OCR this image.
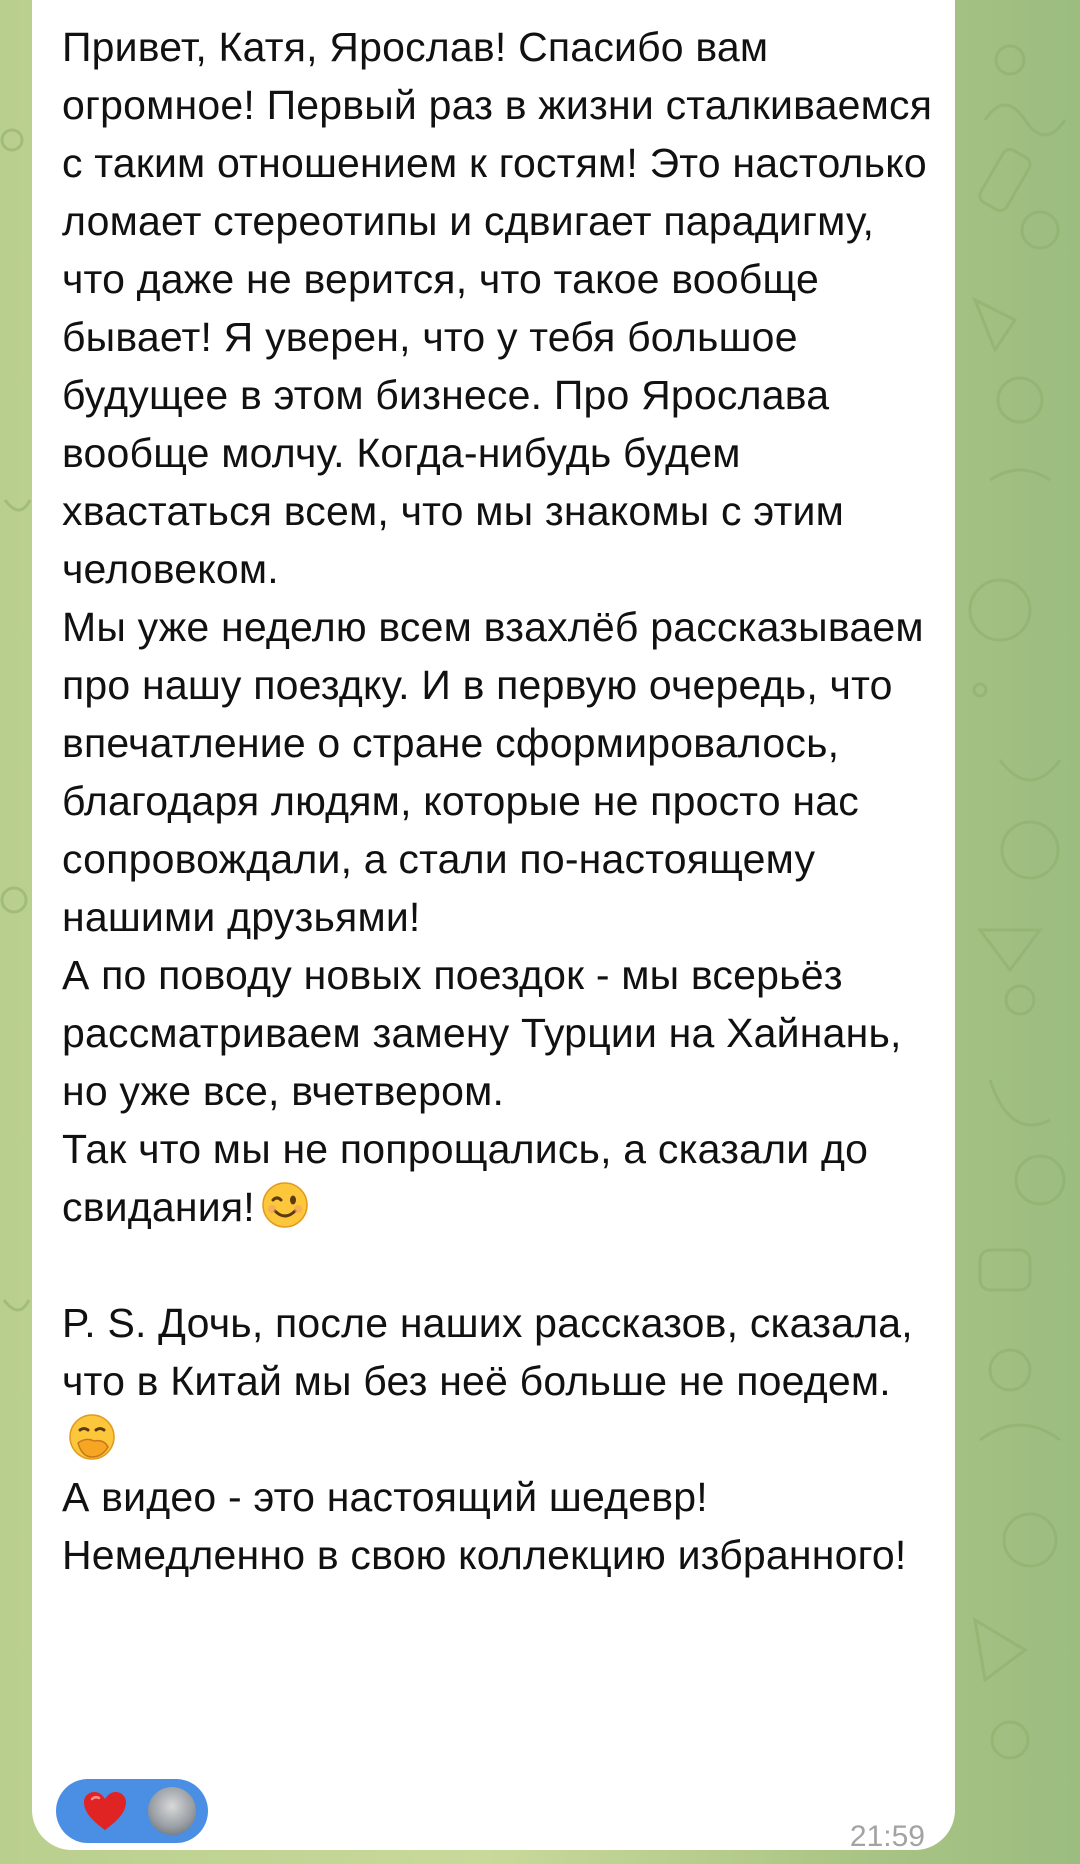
Привет, Катя, Ярослав! Спасибо вам огромное! Первый раз в жизни сталкиваемся с таким отношением к гостям! Это настолько ломает стереотипы и сдвигает парадигму, что даже не верится, что такое вообще бывает! Я уверен, что у тебя большое будущее в этом бизнесе. Про Ярослава вообще молчу. Когда-нибудь будем хвастаться всем, что мы знакомы с этим человеком.
Мы уже неделю всем взахлёб рассказываем про нашу поездку. И в первую очередь, что впечатление о стране сформировалось, благодаря людям, которые не просто нас сопровождали, а стали по-настоящему нашими друзьями!
А по поводу новых поездок - мы всерьёз рассматриваем замену Турции на Хайнань, но уже все, вчетвером.
Так что мы не попрощались, а сказали до свидания!
P. S. Дочь, после наших рассказов, сказала, что в Китай мы без неё больше не поедем.
А видео - это настоящий шедевр!
Немедленно в свою коллекцию избранного!

21:59
